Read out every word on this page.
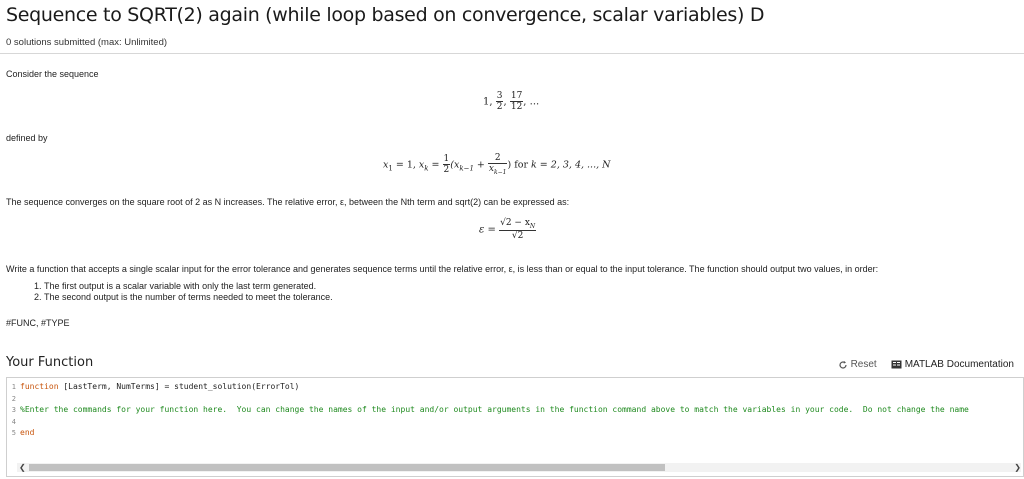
Sequence to SQRT(2) again (while loop based on convergence, scalar variables) D
0 solutions submitted (max: Unlimited)
Consider the sequence
1, $\frac{3}{2}$ , $\frac{17}{12}$ , ...
defined by
$x_1 = 1$, $x_k = \frac{1}{2} (x_{k-1} + \frac{2}{x_{k-1}}$ ) for k = 2, 3, 4, ..., N
The sequence converges on the square root of 2 as N increases. The relative error, ε, between the Nth term and sqrt(2) can be expressed as:
$\varepsilon = \frac{√2 - x_N}{√2}$
Write a function that accepts a single scalar input for the error tolerance and generates sequence terms until the relative error, ε, is less than or equal to the input tolerance. The function should output two values, in order:
1. The first output is a scalar variable with only the last term generated.
2. The second output is the number of terms needed to meet the tolerance.
#FUNC, #TYPE
Your Function	Reset	MATLAB Documentation
1 function [LastTerm, NumTerms] = student_solution(ErrorTol)
2
3 %Enter the commands for your function here.  You can change the names of the input and/or output arguments in the function command above to match the variables in your code.  Do not change the name
4
5 end
❮	❯
